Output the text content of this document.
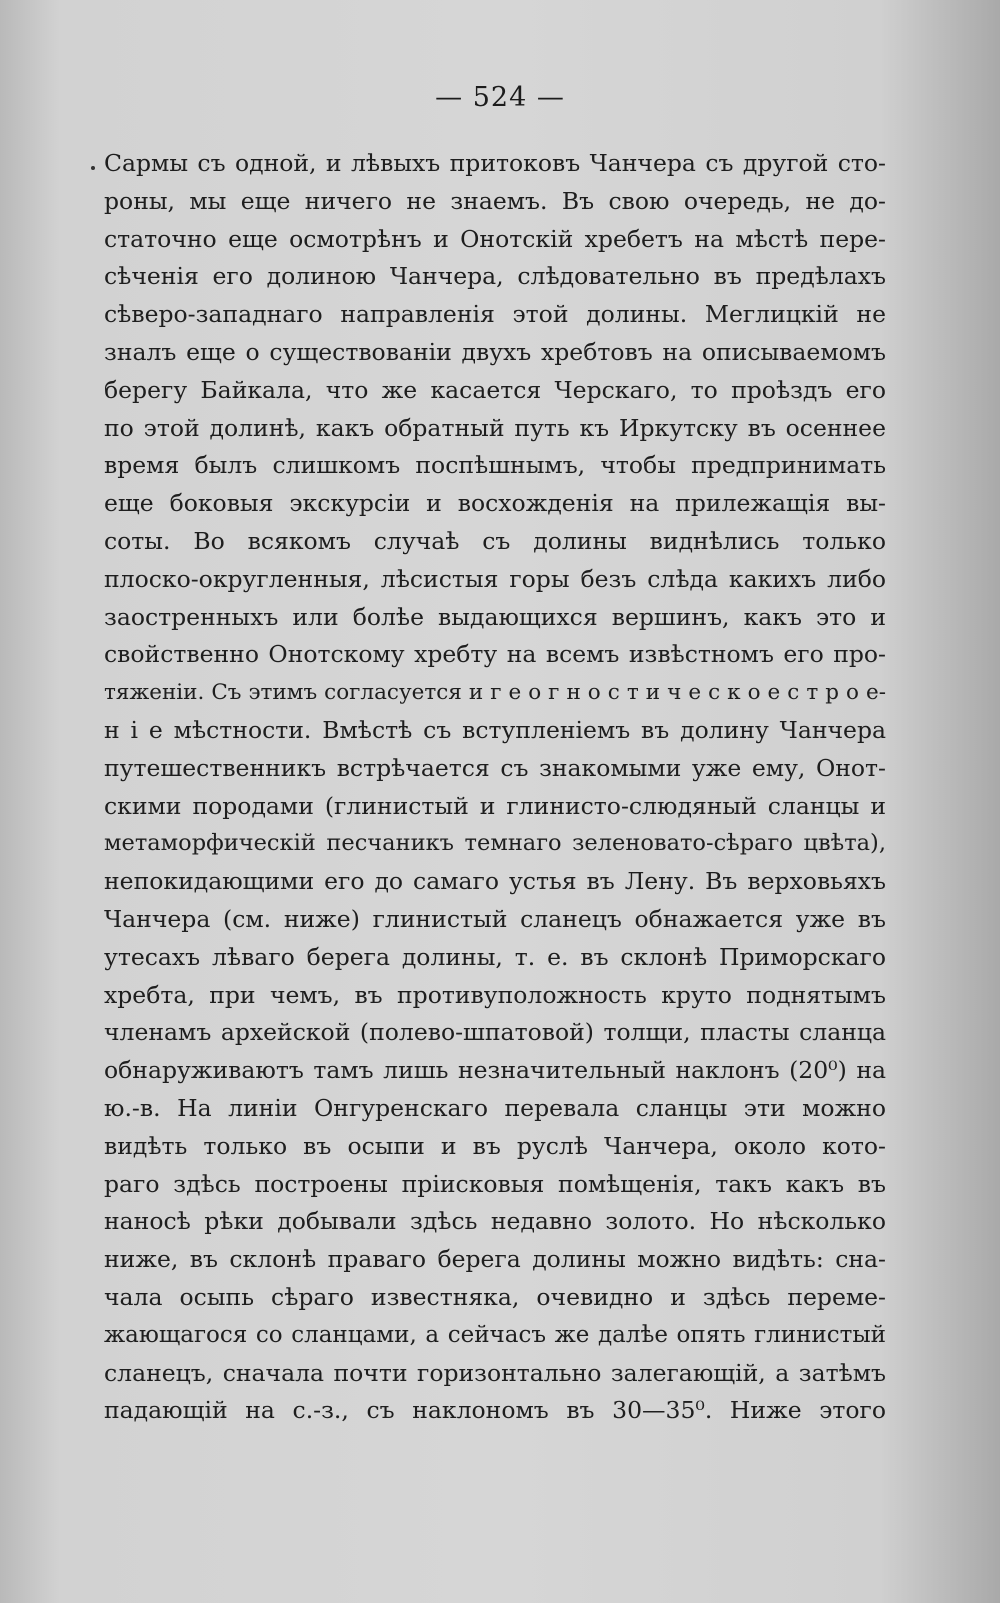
— 524 —
Сармы съ одной, и лѣвыхъ притоковъ Чанчера съ другой сто-
роны, мы еще ничего не знаемъ. Въ свою очередь, не до-
статочно еще осмотрѣнъ и Онотскій хребетъ на мѣстѣ пере-
сѣченія его долиною Чанчера, слѣдовательно въ предѣлахъ
сѣверо-западнаго направленія этой долины. Меглицкій не
зналъ еще о существованіи двухъ хребтовъ на описываемомъ
берегу Байкала, что же касается Черскаго, то проѣздъ его
по этой долинѣ, какъ обратный путь къ Иркутску въ осеннее
время былъ слишкомъ поспѣшнымъ, чтобы предпринимать
еще боковыя экскурсіи и восхожденія на прилежащія вы-
соты. Во всякомъ случаѣ съ долины виднѣлись только
плоско-округленныя, лѣсистыя горы безъ слѣда какихъ либо
заостренныхъ или болѣе выдающихся вершинъ, какъ это и
свойственно Онотскому хребту на всемъ извѣстномъ его про-
тяженіи. Съ этимъ согласуется и г е о г н о с т и ч е с к о е с т р о е-
н і е мѣстности. Вмѣстѣ съ вступленіемъ въ долину Чанчера
путешественникъ встрѣчается съ знакомыми уже ему, Онот-
скими породами (глинистый и глинисто-слюдяный сланцы и
метаморфическій песчаникъ темнаго зеленовато-сѣраго цвѣта),
непокидающими его до самаго устья въ Лену. Въ верховьяхъ
Чанчера (см. ниже) глинистый сланецъ обнажается уже въ
утесахъ лѣваго берега долины, т. е. въ склонѣ Приморскаго
хребта, при чемъ, въ противуположность круто поднятымъ
членамъ архейской (полево-шпатовой) толщи, пласты сланца
обнаруживаютъ тамъ лишь незначительный наклонъ (20⁰) на
ю.-в. На линіи Онгуренскаго перевала сланцы эти можно
видѣть только въ осыпи и въ руслѣ Чанчера, около кото-
раго здѣсь построены пріисковыя помѣщенія, такъ какъ въ
наносѣ рѣки добывали здѣсь недавно золото. Но нѣсколько
ниже, въ склонѣ праваго берега долины можно видѣть: сна-
чала осыпь сѣраго известняка, очевидно и здѣсь переме-
жающагося со сланцами, а сейчасъ же далѣе опять глинистый
сланецъ, сначала почти горизонтально залегающій, а затѣмъ
падающій на с.-з., съ наклономъ въ 30—35⁰. Ниже этого
